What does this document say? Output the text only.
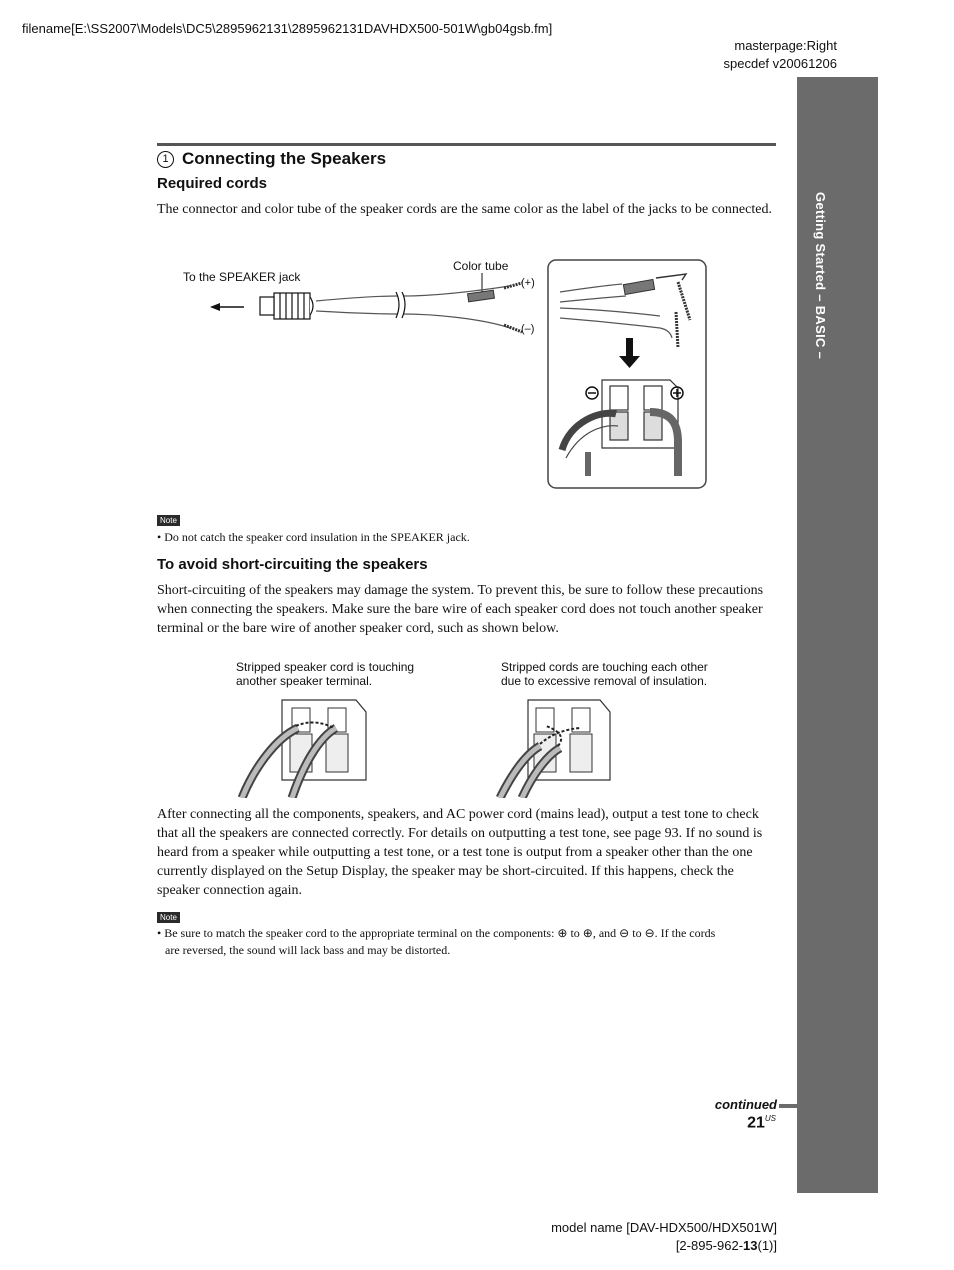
filename[E:\SS2007\Models\DC5\2895962131\2895962131DAVHDX500-501W\gb04gsb.fm]
masterpage:Right
specdef v20061206
Getting Started – BASIC –
1 Connecting the Speakers
Required cords
The connector and color tube of the speaker cords are the same color as the label of the jacks to be connected.
To the SPEAKER jack
Color tube
(+)
(–)
Note
• Do not catch the speaker cord insulation in the SPEAKER jack.
To avoid short-circuiting the speakers
Short-circuiting of the speakers may damage the system. To prevent this, be sure to follow these precautions when connecting the speakers. Make sure the bare wire of each speaker cord does not touch another speaker terminal or the bare wire of another speaker cord, such as shown below.
Stripped speaker cord is touching
another speaker terminal.
Stripped cords are touching each other
due to excessive removal of insulation.
After connecting all the components, speakers, and AC power cord (mains lead), output a test tone to check that all the speakers are connected correctly. For details on outputting a test tone, see page 93. If no sound is heard from a speaker while outputting a test tone, or a test tone is output from a speaker other than the one currently displayed on the Setup Display, the speaker may be short-circuited. If this happens, check the speaker connection again.
Note
• Be sure to match the speaker cord to the appropriate terminal on the components: ⊕ to ⊕, and ⊖ to ⊖. If the cords
are reversed, the sound will lack bass and may be distorted.
continued
$21^{US}$
model name [DAV-HDX500/HDX501W]
[2-895-962-13(1)]
